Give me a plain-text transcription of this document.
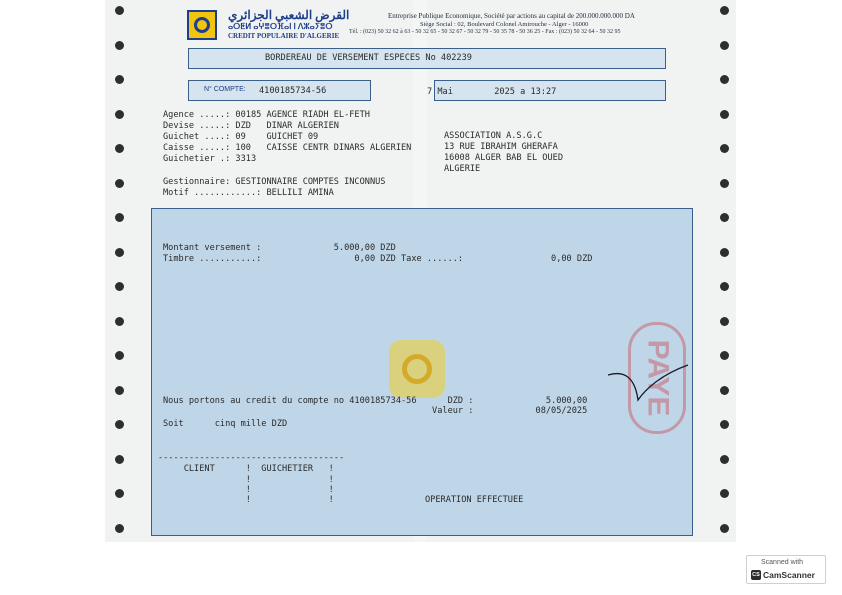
القرض الشعبي الجزائري
ⴰⵔⵟⵍ ⴰⵖⴻⵔⴼⴰⵏ ⵏ ⴷⵣⴰⵢⴻⵔ
CREDIT POPULAIRE D'ALGERIE
Entreprise Publique Economique, Société par actions au capital de 200.000.000.000 DA
Siège Social : 02, Boulevard Colonel Amirouche - Alger - 16000
Tél. : (023) 50 32 62 à 63 - 50 32 65 - 50 32 67 - 50 32 79 - 50 35 78 - 50 36 25 - Fax : (023) 50 32 64 - 50 32 95
BORDEREAU DE VERSEMENT ESPECES No 402239
N° COMPTE: 4100185734-56	7 Mai        2025 a 13:27
Agence .....: 00185 AGENCE RIADH EL-FETH
Devise .....: DZD   DINAR ALGERIEN
Guichet ....: 09    GUICHET 09
Caisse .....: 100   CAISSE CENTR DINARS ALGERIEN
Guichetier .: 3313
Gestionnaire: GESTIONNAIRE COMPTES INCONNUS
Motif ............: BELLILI AMINA
ASSOCIATION A.S.G.C
13 RUE IBRAHIM GHERAFA
16008 ALGER BAB EL OUED
ALGERIE
Montant versement :              5.000,00 DZD
Timbre ...........:                  0,00 DZD Taxe ......:                 0,00 DZD
Nous portons au credit du compte no 4100185734-56      DZD :              5.000,00
Valeur :            08/05/2025
Soit      cinq mille DZD
------------------------------------
CLIENT      !  GUICHETIER   !
!               !
!               !
!               !	OPERATION EFFECTUEE
PAYE
Scanned with
CS CamScanner
